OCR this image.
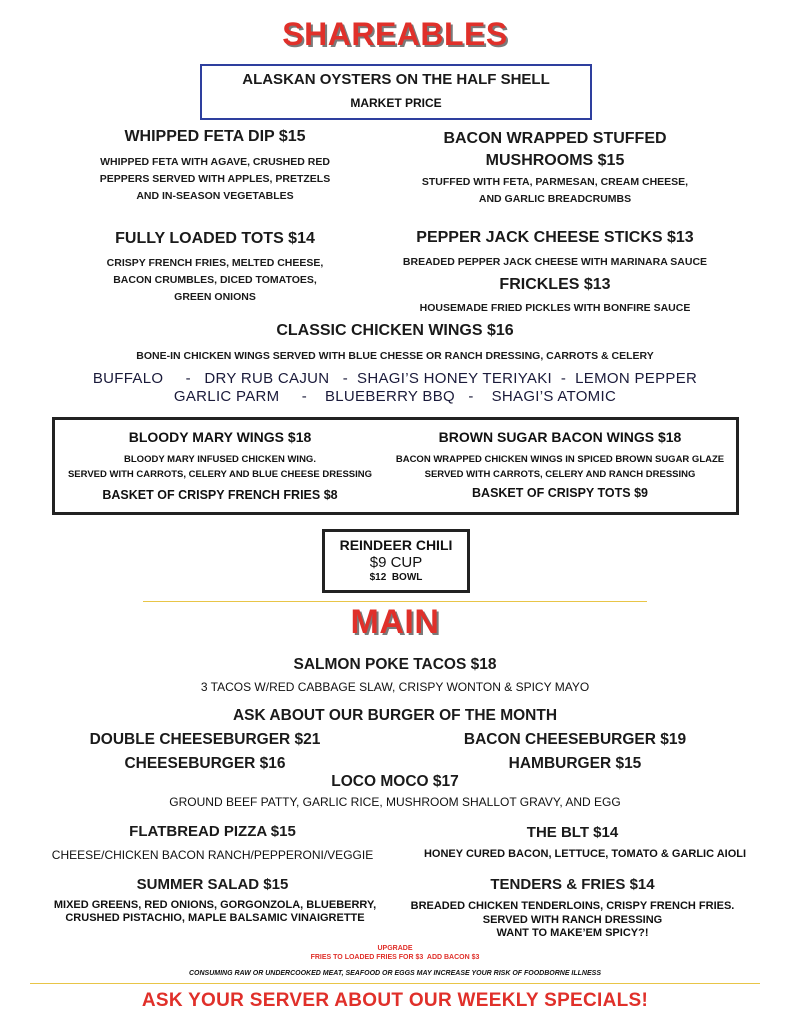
SHAREABLES
ALASKAN OYSTERS ON THE HALF SHELL
MARKET PRICE
WHIPPED FETA DIP $15
WHIPPED FETA WITH AGAVE, CRUSHED RED
PEPPERS SERVED WITH APPLES, PRETZELS
AND IN-SEASON VEGETABLES
BACON WRAPPED STUFFED
MUSHROOMS $15
STUFFED WITH FETA, PARMESAN, CREAM CHEESE,
AND GARLIC BREADCRUMBS
FULLY LOADED TOTS $14
CRISPY FRENCH FRIES, MELTED CHEESE,
BACON CRUMBLES, DICED TOMATOES,
GREEN ONIONS
PEPPER JACK CHEESE STICKS $13
BREADED PEPPER JACK CHEESE WITH MARINARA SAUCE
FRICKLES $13
HOUSEMADE FRIED PICKLES WITH BONFIRE SAUCE
CLASSIC CHICKEN WINGS $16
BONE-IN CHICKEN WINGS SERVED WITH BLUE CHESSE OR RANCH DRESSING, CARROTS & CELERY
BUFFALO     -   DRY RUB CAJUN   -  SHAGI’S HONEY TERIYAKI  -  LEMON PEPPER
GARLIC PARM     -    BLUEBERRY BBQ   -    SHAGI’S ATOMIC
BLOODY MARY WINGS $18
BLOODY MARY INFUSED CHICKEN WING.
SERVED WITH CARROTS, CELERY AND BLUE CHEESE DRESSING
BASKET OF CRISPY FRENCH FRIES $8
BROWN SUGAR BACON WINGS $18
BACON WRAPPED CHICKEN WINGS IN SPICED BROWN SUGAR GLAZE
SERVED WITH CARROTS, CELERY AND RANCH DRESSING
BASKET OF CRISPY TOTS $9
REINDEER CHILI
$9 CUP
$12  BOWL
MAIN
SALMON POKE TACOS $18
3 TACOS W/RED CABBAGE SLAW, CRISPY WONTON & SPICY MAYO
ASK ABOUT OUR BURGER OF THE MONTH
DOUBLE CHEESEBURGER $21	BACON CHEESEBURGER $19
CHEESEBURGER $16	HAMBURGER $15
LOCO MOCO $17
GROUND BEEF PATTY, GARLIC RICE, MUSHROOM SHALLOT GRAVY, AND EGG
FLATBREAD PIZZA $15
CHEESE/CHICKEN BACON RANCH/PEPPERONI/VEGGIE
THE BLT $14
HONEY CURED BACON, LETTUCE, TOMATO & GARLIC AIOLI
SUMMER SALAD $15
MIXED GREENS, RED ONIONS, GORGONZOLA, BLUEBERRY,
CRUSHED PISTACHIO, MAPLE BALSAMIC VINAIGRETTE
TENDERS & FRIES $14
BREADED CHICKEN TENDERLOINS, CRISPY FRENCH FRIES.
SERVED WITH RANCH DRESSING
WANT TO MAKE’EM SPICY?!
UPGRADE
FRIES TO LOADED FRIES FOR $3  ADD BACON $3
CONSUMING RAW OR UNDERCOOKED MEAT, SEAFOOD OR EGGS MAY INCREASE YOUR RISK OF FOODBORNE ILLNESS
ASK YOUR SERVER ABOUT OUR WEEKLY SPECIALS!
